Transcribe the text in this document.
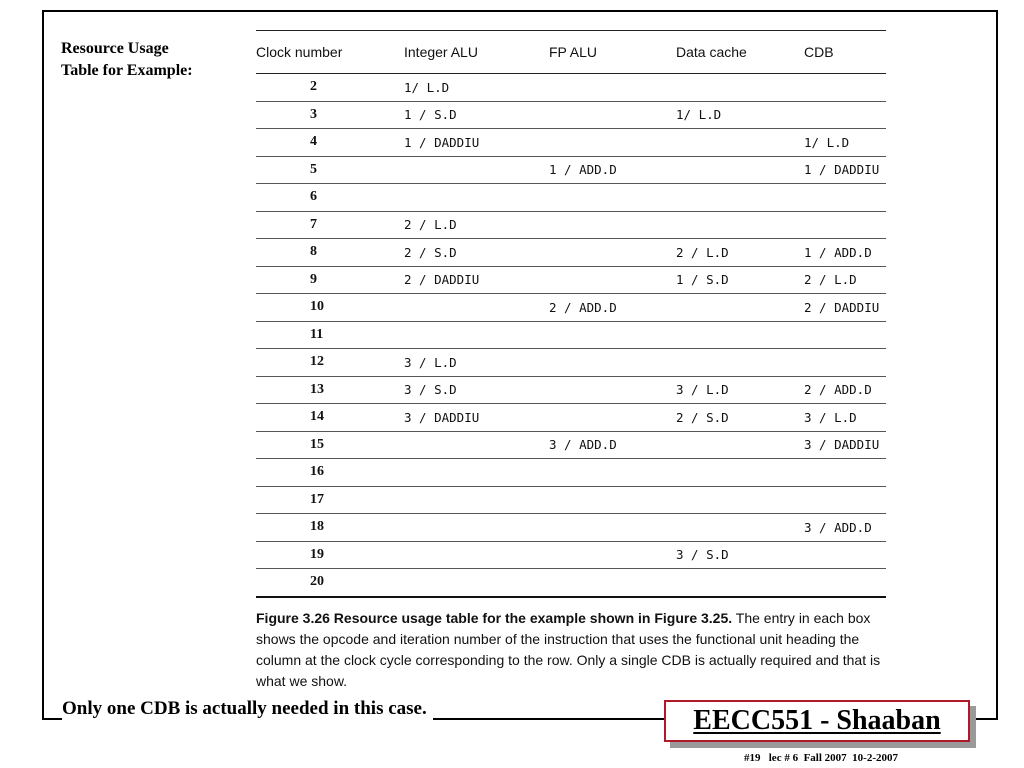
Resource Usage
Table for Example:
Clock number	Integer ALU	FP ALU	Data cache	CDB
2	1/ L.D			
3	1 / S.D		1/ L.D	
4	1 / DADDIU			1/ L.D
5		1 / ADD.D		1 / DADDIU
6				
7	2 / L.D			
8	2 / S.D		2 / L.D	1 / ADD.D
9	2 / DADDIU		1 / S.D	2 / L.D
10		2 / ADD.D		2 / DADDIU
11				
12	3 / L.D			
13	3 / S.D		3 / L.D	2 / ADD.D
14	3 / DADDIU		2 / S.D	3 / L.D
15		3 / ADD.D		3 / DADDIU
16				
17				
18				3 / ADD.D
19			3 / S.D	
20				
Figure 3.26 Resource usage table for the example shown in Figure 3.25. The entry in each box shows the opcode and iteration number of the instruction that uses the functional unit heading the column at the clock cycle corresponding to the row. Only a single CDB is actually required and that is what we show.
Only one CDB is actually needed in this case.	EECC551 - Shaaban
#19   lec # 6  Fall 2007  10-2-2007
